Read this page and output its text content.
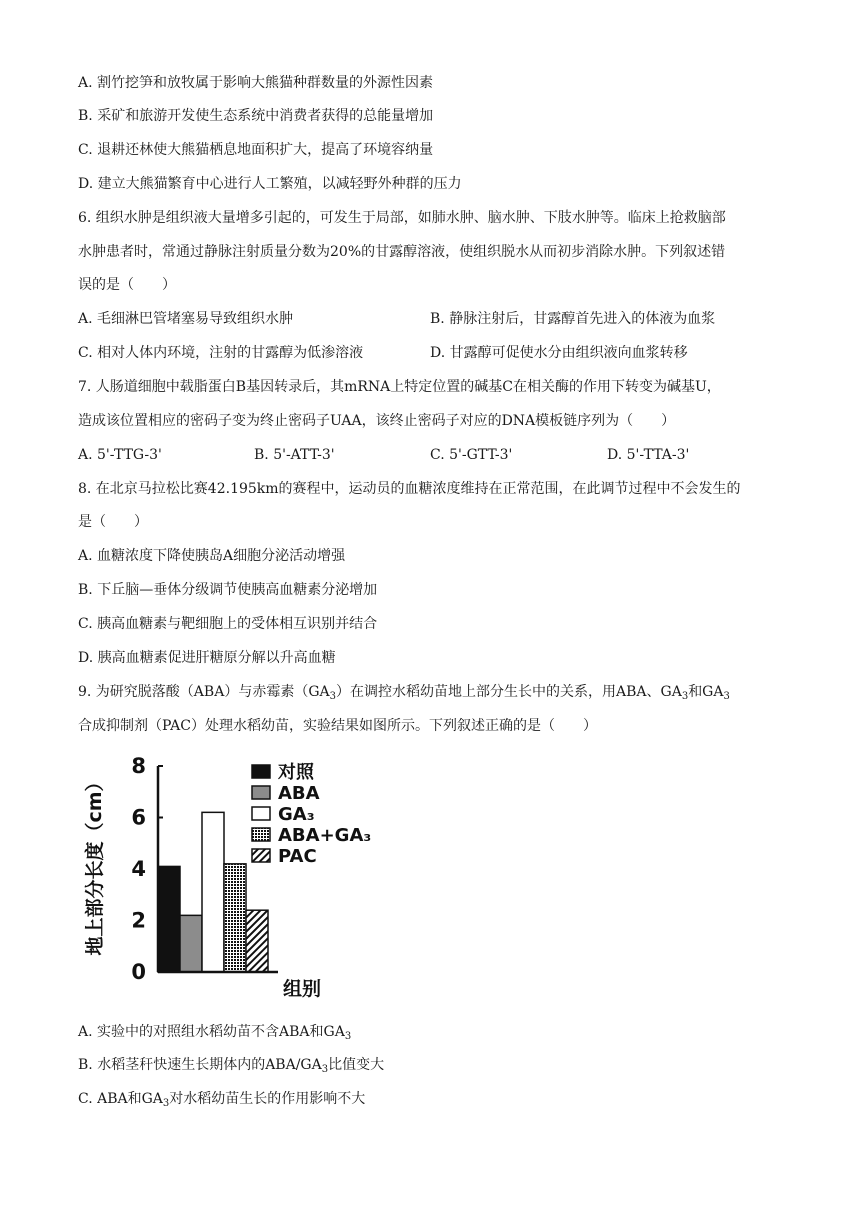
A. 割竹挖笋和放牧属于影响大熊猫种群数量的外源性因素
B. 采矿和旅游开发使生态系统中消费者获得的总能量增加
C. 退耕还林使大熊猫栖息地面积扩大，提高了环境容纳量
D. 建立大熊猫繁育中心进行人工繁殖，以减轻野外种群的压力
6. 组织水肿是组织液大量增多引起的，可发生于局部，如肺水肿、脑水肿、下肢水肿等。临床上抢救脑部
水肿患者时，常通过静脉注射质量分数为20%的甘露醇溶液，使组织脱水从而初步消除水肿。下列叙述错
误的是（　　）
A. 毛细淋巴管堵塞易导致组织水肿	B. 静脉注射后，甘露醇首先进入的体液为血浆
C. 相对人体内环境，注射的甘露醇为低渗溶液	D. 甘露醇可促使水分由组织液向血浆转移
7. 人肠道细胞中载脂蛋白B基因转录后，其mRNA上特定位置的碱基C在相关酶的作用下转变为碱基U，
造成该位置相应的密码子变为终止密码子UAA，该终止密码子对应的DNA模板链序列为（　　）
A. 5'-TTG-3'	B. 5'-ATT-3'	C. 5'-GTT-3'	D. 5'-TTA-3'
8. 在北京马拉松比赛42.195km的赛程中，运动员的血糖浓度维持在正常范围，在此调节过程中不会发生的
是（　　）
A. 血糖浓度下降使胰岛A细胞分泌活动增强
B. 下丘脑—垂体分级调节使胰高血糖素分泌增加
C. 胰高血糖素与靶细胞上的受体相互识别并结合
D. 胰高血糖素促进肝糖原分解以升高血糖
9. 为研究脱落酸（ABA）与赤霉素$(GA_3)$在调控水稻幼苗地上部分生长中的关系，用ABA、$GA_3$和$GA_3$
合成抑制剂（PAC）处理水稻幼苗，实验结果如图所示。下列叙述正确的是（　　）
地上部分长度（cm）
0
2
4
6
8
组别
对照
ABA
GA₃
ABA+GA₃
PAC
A. 实验中的对照组水稻幼苗不含ABA和$GA_3$
B. 水稻茎秆快速生长期体内的ABA/$GA_3$比值变大
C. ABA和$GA_3$对水稻幼苗生长的作用影响不大
